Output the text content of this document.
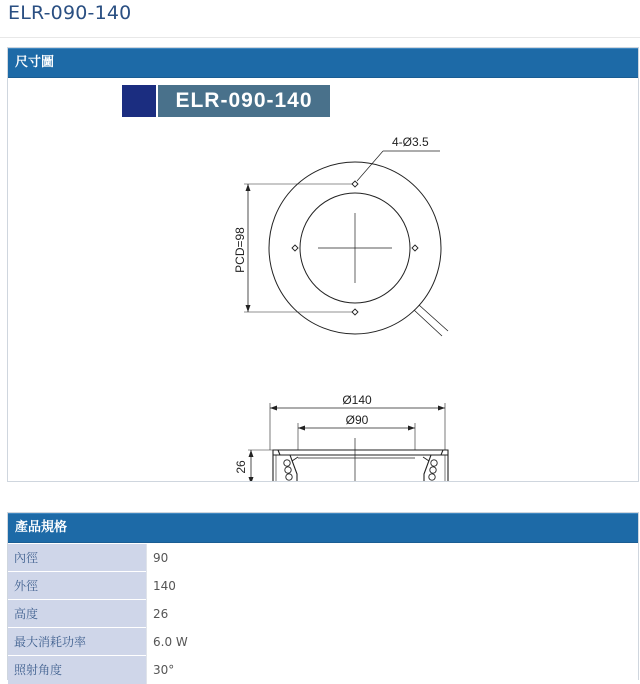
ELR-090-140
尺寸圖
ELR-090-140
4-Ø3.5
PCD=98
Ø140
Ø90
26
產品規格
內徑	90
外徑	140
高度	26
最大消耗功率	6.0 W
照射角度	30°
